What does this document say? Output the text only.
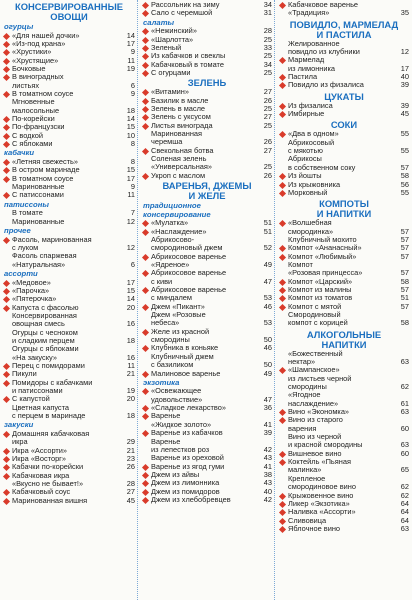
КОНСЕРВИРОВАННЫЕ
ОВОЩИ
огурцы
«Для нашей дочки»	14
«Из-под крана»	17
«Хрустики»	9
«Хрустящие»	11
Бочковые	19
В виноградных
листьях	6
В томатном соусе	9
Мгновенные
малосольные	18
По-корейски	14
По-французски	15
С водкой	10
С яблоками	8
кабачки
«Летняя свежесть»	8
В остром маринаде	15
В томатном соусе	17
Маринованные	9
С патиссонами	11
патиссоны
В томате	7
Маринованные	12
прочее
Фасоль, маринованная
с луком	12
Фасоль спаржевая
«Натуральная»	6
ассорти
«Медовое»	17
«Парочка»	15
«Пятерочка»	14
Капуста с фасолью	20
Консервированная
овощная смесь	16
Огурцы с чесноком
и сладким перцем	18
Огурцы с яблоками
«На закуску»	16
Перец с помидорами	11
Пикули	21
Помидоры с кабачками
и патиссонами	19
С капустой	20
Цветная капуста
с перцем в маринаде	18
закуски
Домашняя кабачковая
икра	29
Икра «Ассорти»	21
Икра «Восторг»	23
Кабачки по-корейски	26
Кабачковая икра
«Вкусно не бывает!»	28
Кабачковый соус	27
Маринованная вишня	45
Рассольник на зиму	34
Сало с черемшой	31
салаты
«Нежинский»	28
«Шарлотта»	25
Зеленый	33
Из кабачков и свеклы	25
Кабачковый в томате	34
С огурцами	25
ЗЕЛЕНЬ
«Витамин»	27
Базилик в масле	26
Зелень в масле	25
Зелень с уксусом	27
Листья винограда	25
Маринованная
черемша	26
Свекольная ботва	27
Соленая зелень
«Универсальная»	25
Укроп с маслом	26
ВАРЕНЬЯ, ДЖЕМЫ
И ЖЕЛЕ
традиционное
консервирование
«Мулатка»	51
«Наслаждение»	51
Абрикосово-
смородиновый джем	52
Абрикосовое варенье
«Ядреное»	49
Абрикосовое варенье
с киви	47
Абрикосовое варенье
с миндалем	53
Джем «Пикант»	46
Джем «Розовые
небеса»	53
Желе из красной
смородины	50
Клубника в коньяке	46
Клубничный джем
с базиликом	50
Малиновое варенье	49
экзотика
«Освежающее
удовольствие»	47
«Сладкое лекарство»	36
Варенье
«Жидкое золото»	41
Варенье из кабачков	39
Варенье
из лепестков роз	42
Варенье из ореховой	43
Варенье из ягод гуми	41
Джем из айвы	38
Джем из лимонника	43
Джем из помидоров	40
Джем из хлебобревцев	42
Кабачковое варенье
«Традиция»	35
ПОВИДЛО, МАРМЕЛАД
И ПАСТИЛА
Желированное
повидло из клубники	12
Мармелад
из лимонника	17
Пастила	40
Повидло из физалиса	39
ЦУКАТЫ
Из физалиса	39
Имбирные	45
СОКИ
«Два в одном»	55
Абрикосовый
с мякотью	55
Абрикосы
в собственном соку	57
Из йошты	58
Из крыжовника	56
Морковный	55
КОМПОТЫ
И НАПИТКИ
«Волшебная
смородинка»	57
Клубничный мохито	57
Компот «Ананасный»	57
Компот «Любимый»	57
Компот
«Розовая принцесса»	57
Компот «Царский»	58
Компот из малины	57
Компот из томатов	51
Компот с мятой	57
Смородиновый
компот с корицей	58
АЛКОГОЛЬНЫЕ
НАПИТКИ
«Божественный
нектар»	63
«Шампанское»
из листьев черной
смородины	62
«Ягодное
наслаждение»	61
Вино «Экономка»	63
Вино из старого
варения	60
Вино из черной
и красной смородины	63
Вишневое вино	60
Коктейль «Пьяная
малинка»	65
Крепленое
смородиновое вино	62
Крыжовенное вино	62
Ликер «Экзотика»	64
Наливка «Ассорти»	64
Сливовица	64
Яблочное вино	63
